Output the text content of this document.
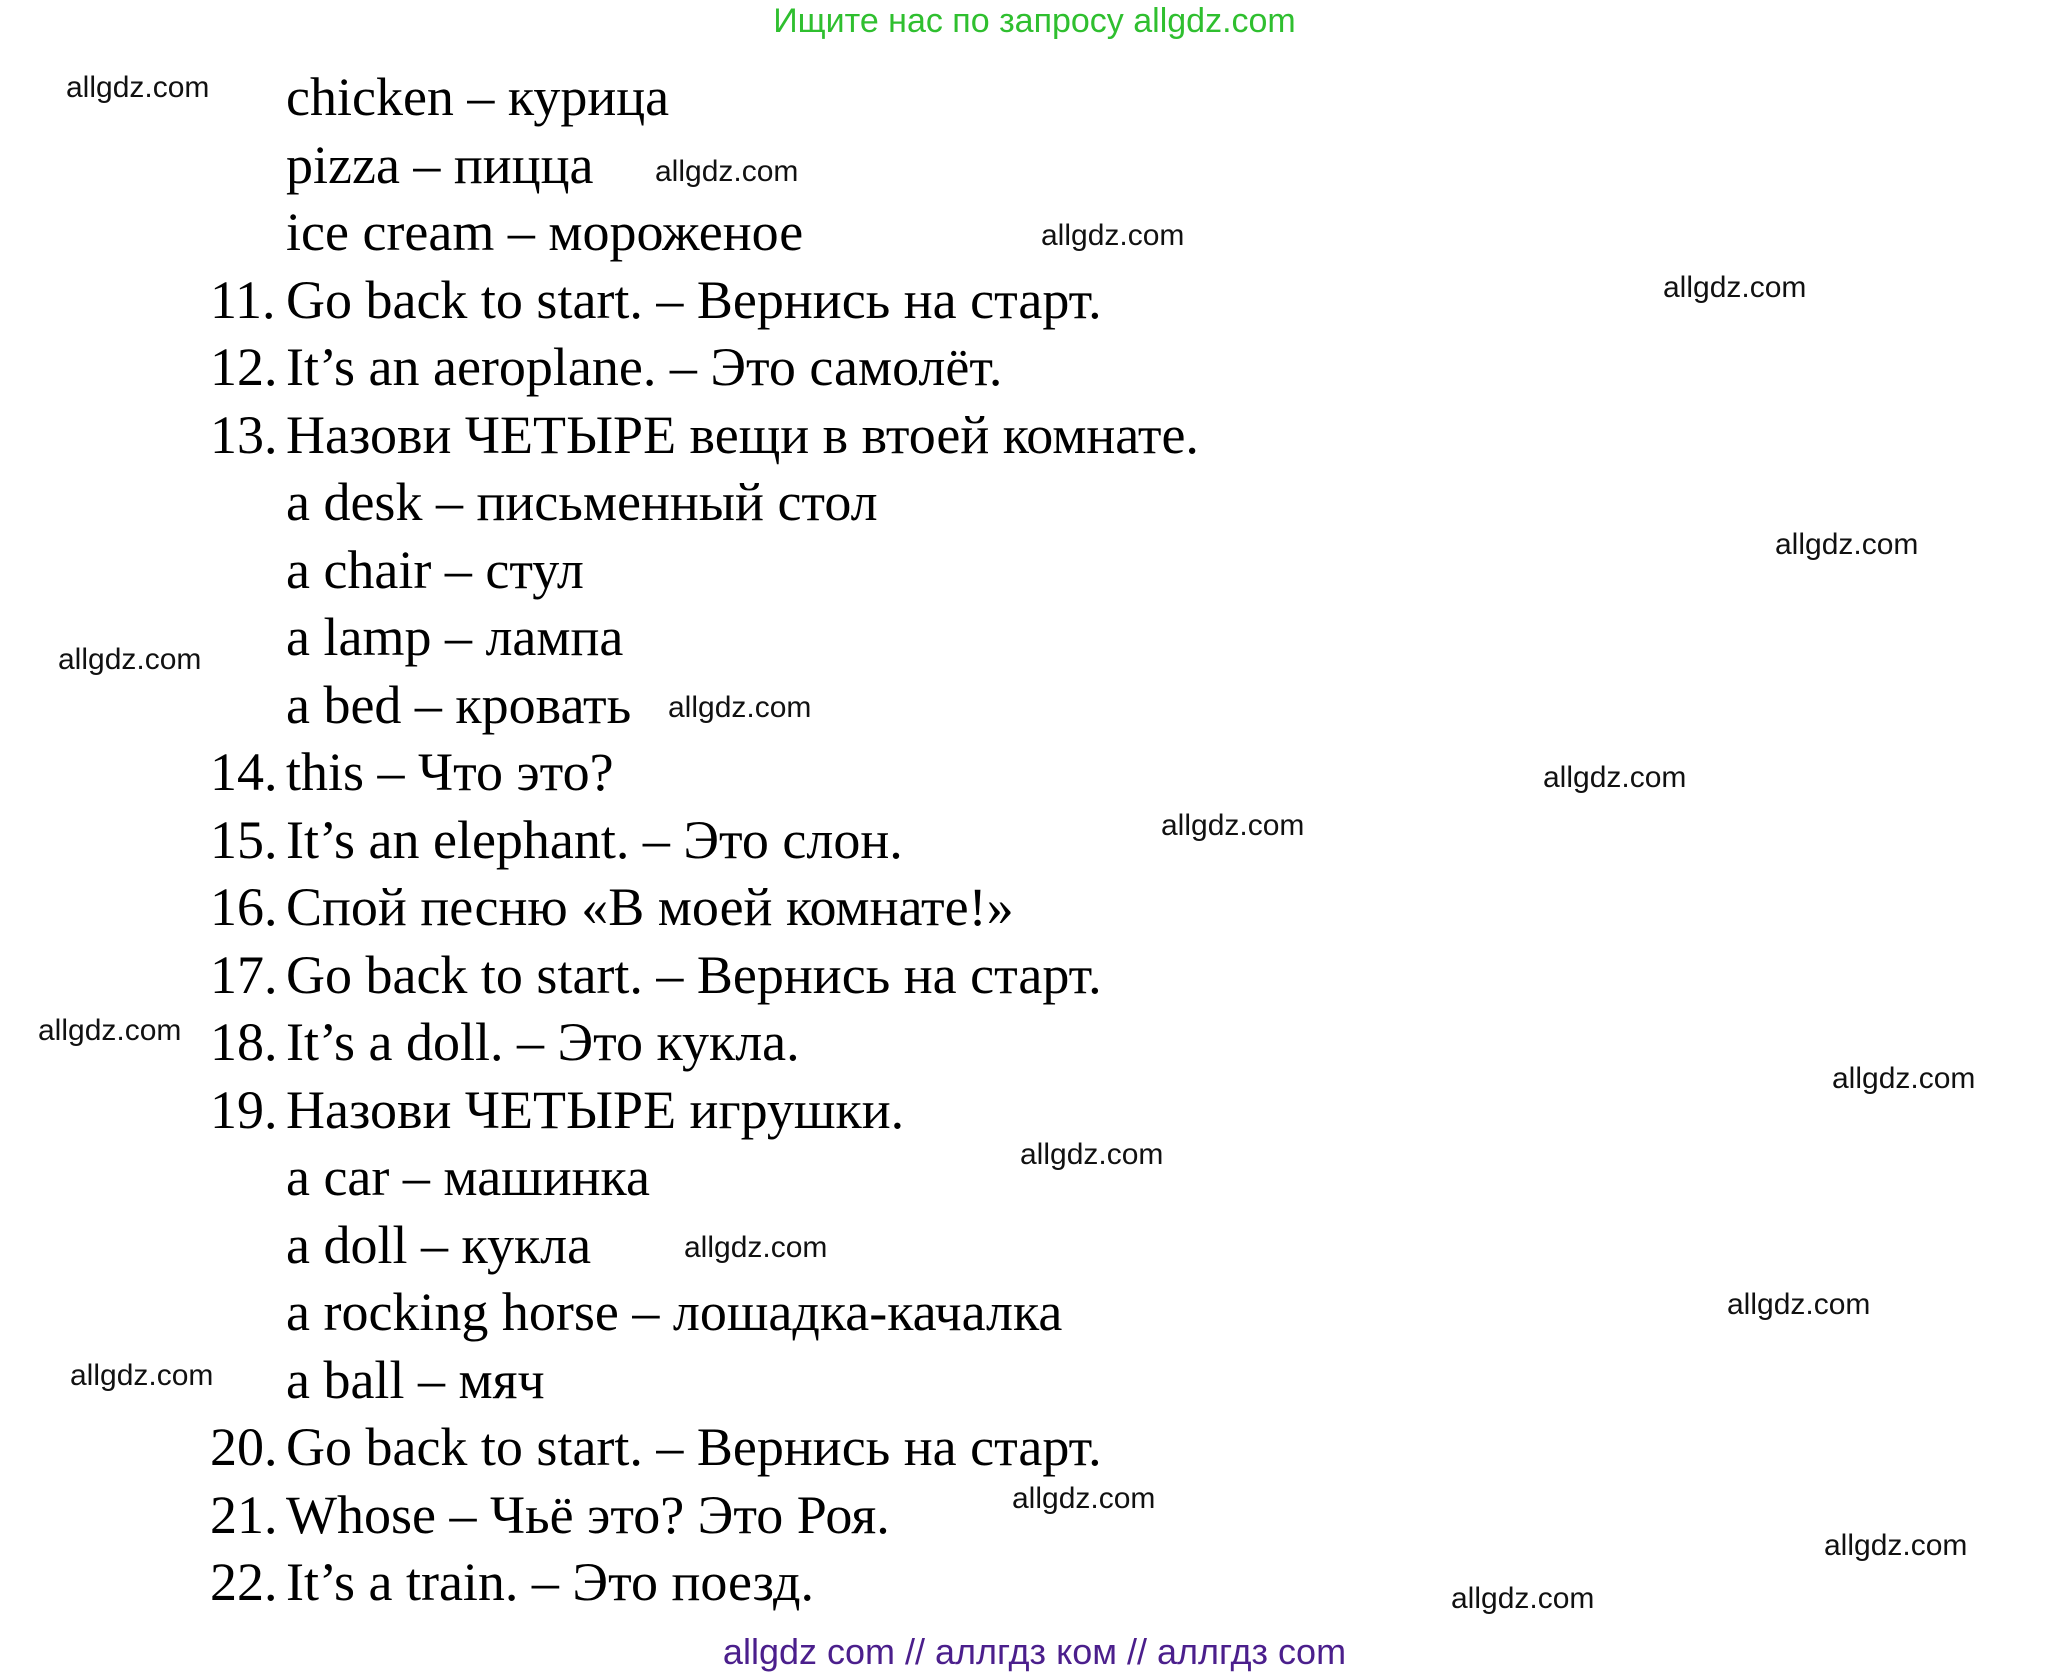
Ищите нас по запросу allgdz.com
chicken – курица
pizza – пицца
ice cream – мороженое
11. Go back to start. – Вернись на старт.
12. It’s an aeroplane. – Это самолёт.
13. Назови ЧЕТЫРЕ вещи в втоей комнате.
a desk – письменный стол
a chair – стул
a lamp – лампа
a bed – кровать
14. this – Что это?
15. It’s an elephant. – Это слон.
16. Спой песню «В моей комнате!»
17. Go back to start. – Вернись на старт.
18. It’s a doll. – Это кукла.
19. Назови ЧЕТЫРЕ игрушки.
a car – машинка
a doll – кукла
a rocking horse – лошадка-качалка
a ball – мяч
20. Go back to start. – Вернись на старт.
21. Whose – Чьё это? Это Роя.
22. It’s a train. – Это поезд.
allgdz.com
allgdz.com
allgdz.com
allgdz.com
allgdz.com
allgdz.com
allgdz.com
allgdz.com
allgdz.com
allgdz.com
allgdz.com
allgdz.com
allgdz.com
allgdz.com
allgdz.com
allgdz.com
allgdz.com
allgdz.com
allgdz com // аллгдз ком // аллгдз com
